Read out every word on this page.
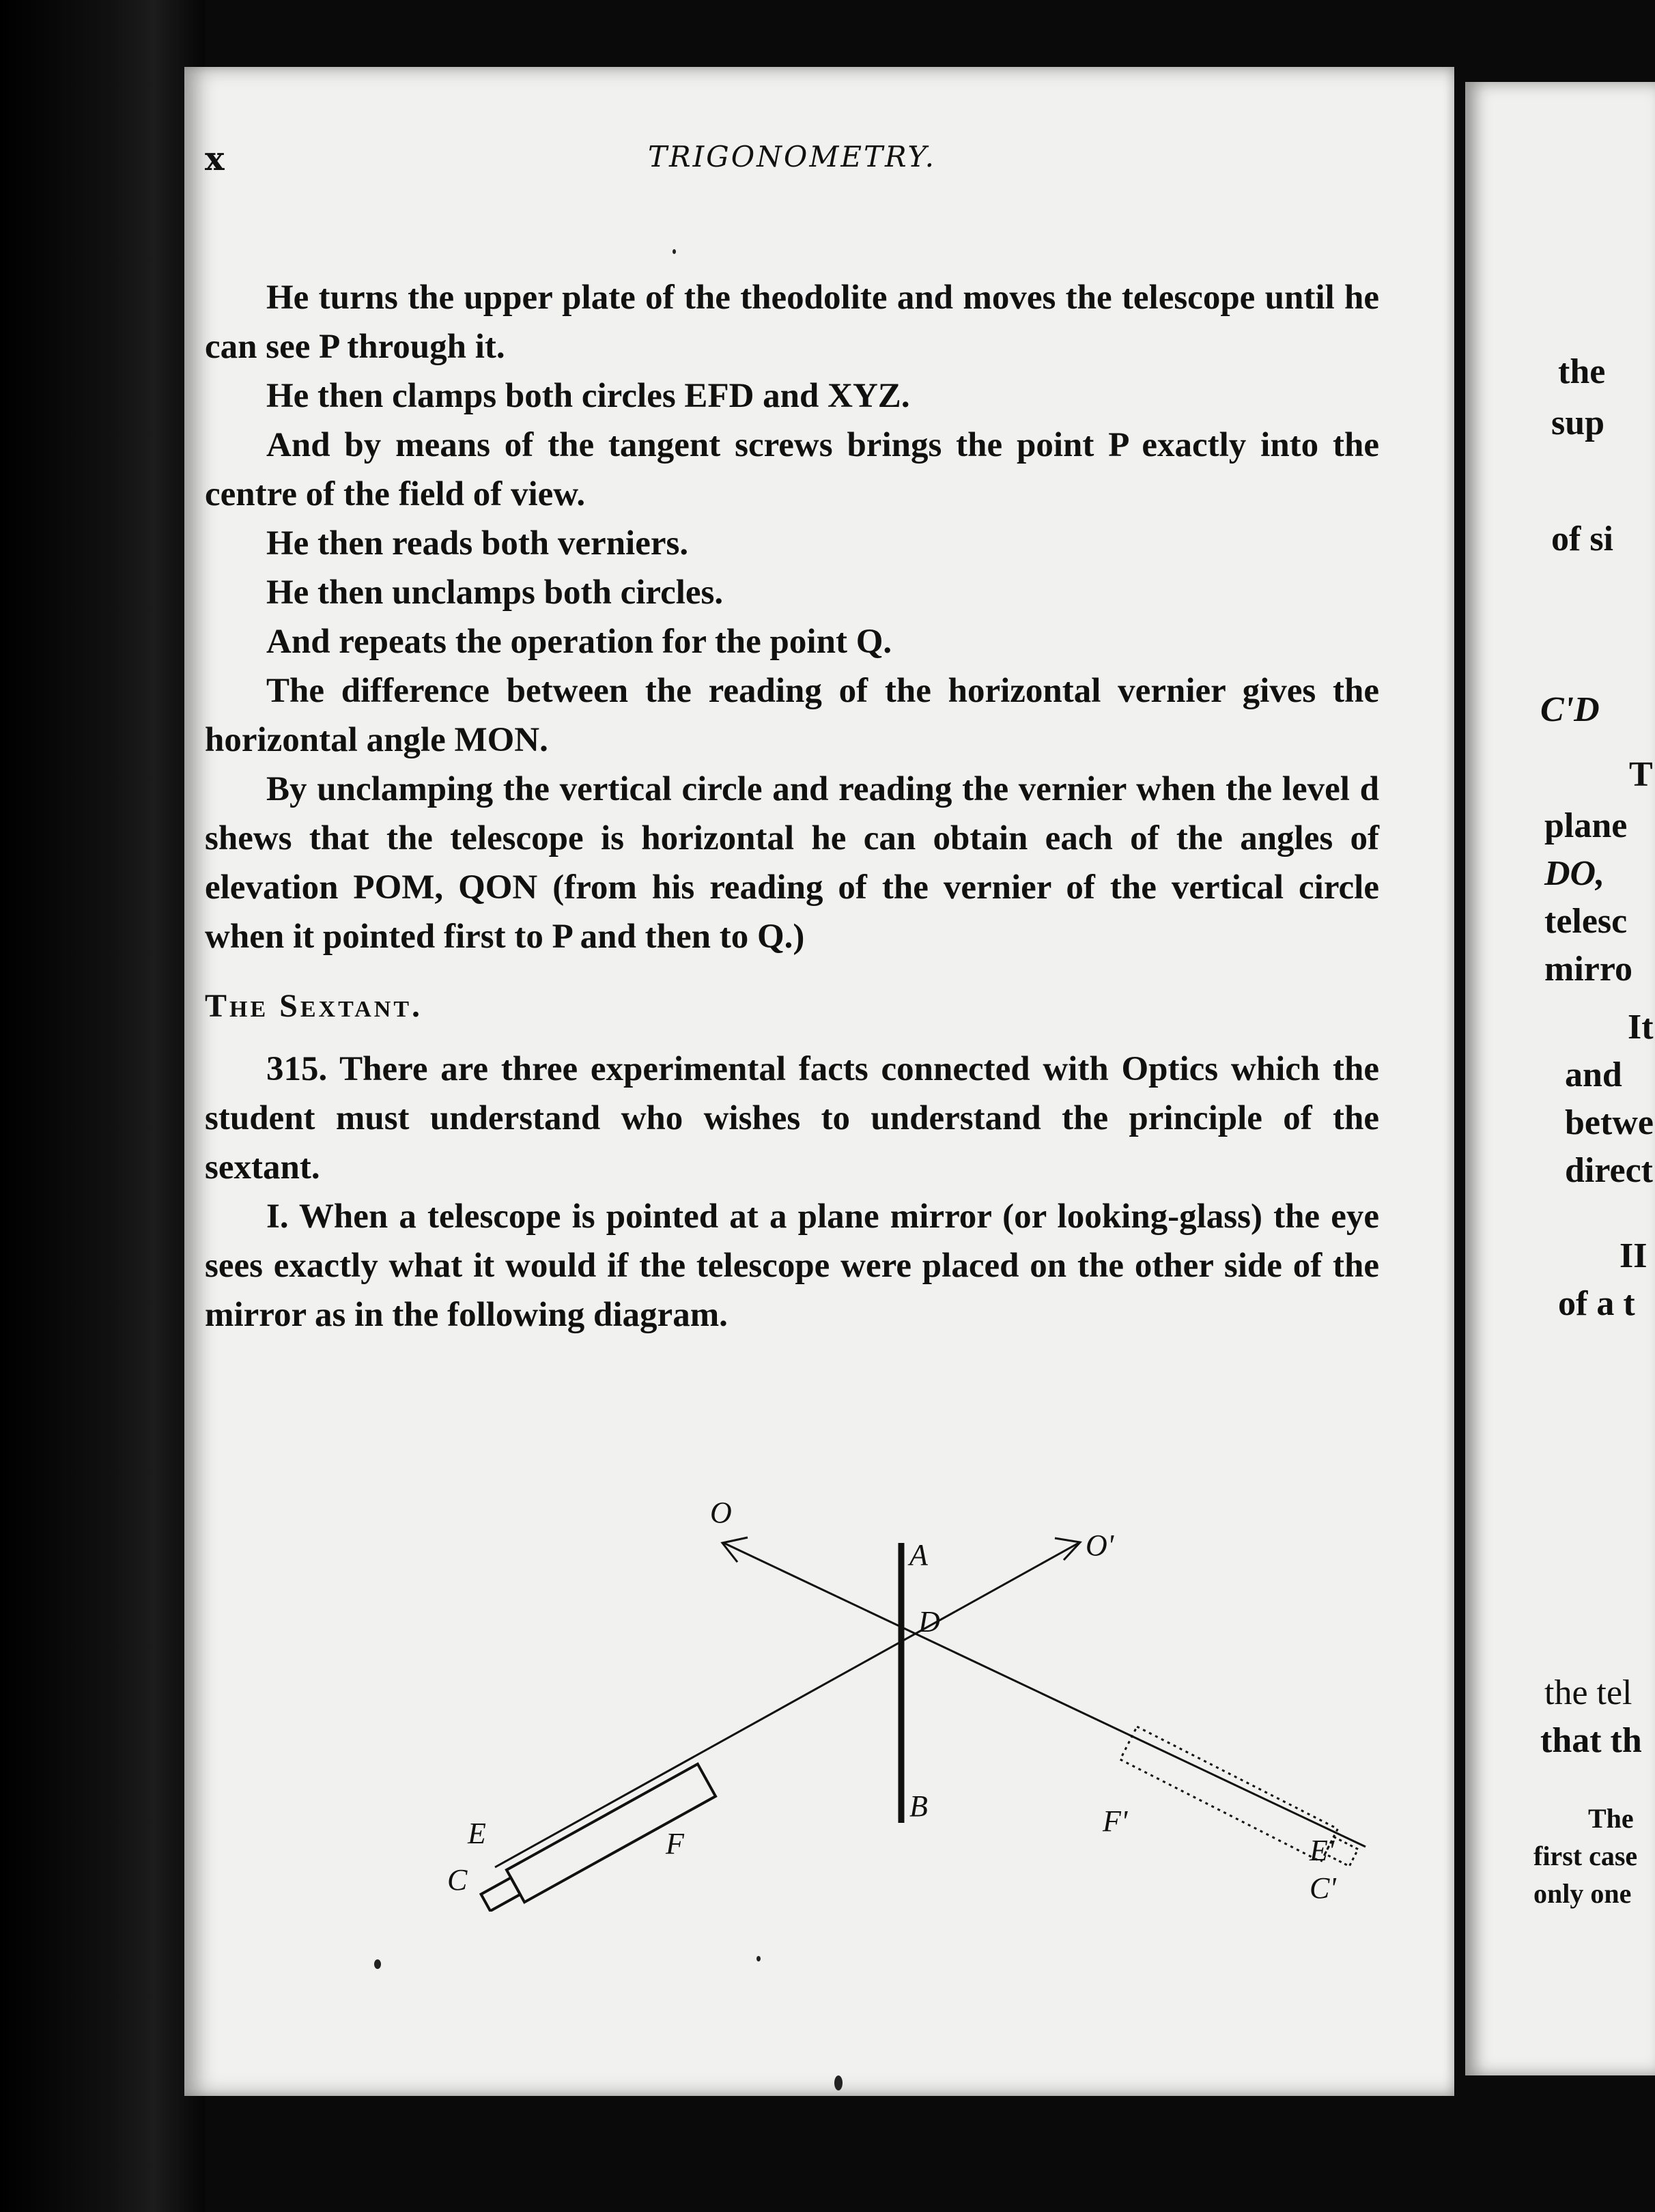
x	TRIGONOMETRY.

He turns the upper plate of the theodolite and moves the telescope until he can see P through it.

He then clamps both circles EFD and XYZ.

And by means of the tangent screws brings the point P exactly into the centre of the field of view.

He then reads both verniers.

He then unclamps both circles.

And repeats the operation for the point Q.

The difference between the reading of the horizontal vernier gives the horizontal angle MON.

By unclamping the vertical circle and reading the vernier when the level d shews that the telescope is horizontal he can obtain each of the angles of elevation POM, QON (from his reading of the vernier of the vertical circle when it pointed first to P and then to Q.)

The Sextant.

315. There are three experimental facts connected with Optics which the student must understand who wishes to understand the principle of the sextant.

I. When a telescope is pointed at a plane mirror (or looking-glass) the eye sees exactly what it would if the telescope were placed on the other side of the mirror as in the following diagram.

O
O'
A
D
B
E
C
F
F'
E'
C'
the
sup
of si
C'D
T
plane
DO,
telesc
mirro
It
and
betwe
direct
II
of a t
the tel
that th
The
first case
only one
